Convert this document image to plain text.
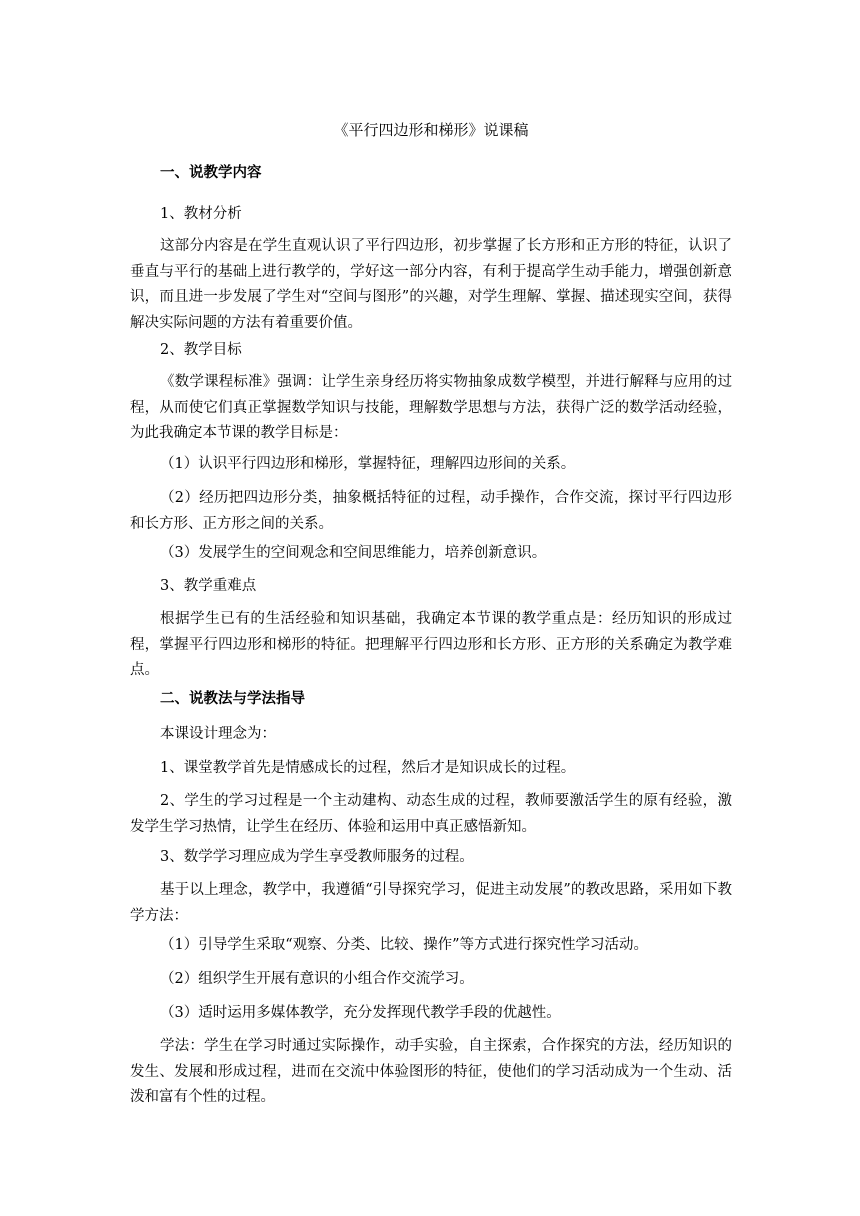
《平行四边形和梯形》说课稿
一、说教学内容
1、教材分析
这部分内容是在学生直观认识了平行四边形，初步掌握了长方形和正方形的特征，认识了垂直与平行的基础上进行教学的，学好这一部分内容，有利于提高学生动手能力，增强创新意识，而且进一步发展了学生对“空间与图形”的兴趣，对学生理解、掌握、描述现实空间，获得解决实际问题的方法有着重要价值。
2、教学目标
《数学课程标准》强调：让学生亲身经历将实物抽象成数学模型，并进行解释与应用的过程，从而使它们真正掌握数学知识与技能，理解数学思想与方法，获得广泛的数学活动经验，为此我确定本节课的教学目标是：
（1）认识平行四边形和梯形，掌握特征，理解四边形间的关系。
（2）经历把四边形分类，抽象概括特征的过程，动手操作，合作交流，探讨平行四边形和长方形、正方形之间的关系。
（3）发展学生的空间观念和空间思维能力，培养创新意识。
3、教学重难点
根据学生已有的生活经验和知识基础，我确定本节课的教学重点是：经历知识的形成过程，掌握平行四边形和梯形的特征。把理解平行四边形和长方形、正方形的关系确定为教学难点。
二、说教法与学法指导
本课设计理念为：
1、课堂教学首先是情感成长的过程，然后才是知识成长的过程。
2、学生的学习过程是一个主动建构、动态生成的过程，教师要激活学生的原有经验，激发学生学习热情，让学生在经历、体验和运用中真正感悟新知。
3、数学学习理应成为学生享受教师服务的过程。
基于以上理念，教学中，我遵循“引导探究学习，促进主动发展”的教改思路，采用如下教学方法：
（1）引导学生采取“观察、分类、比较、操作”等方式进行探究性学习活动。
（2）组织学生开展有意识的小组合作交流学习。
（3）适时运用多媒体教学，充分发挥现代教学手段的优越性。
学法：学生在学习时通过实际操作，动手实验，自主探索，合作探究的方法，经历知识的发生、发展和形成过程，进而在交流中体验图形的特征，使他们的学习活动成为一个生动、活泼和富有个性的过程。
